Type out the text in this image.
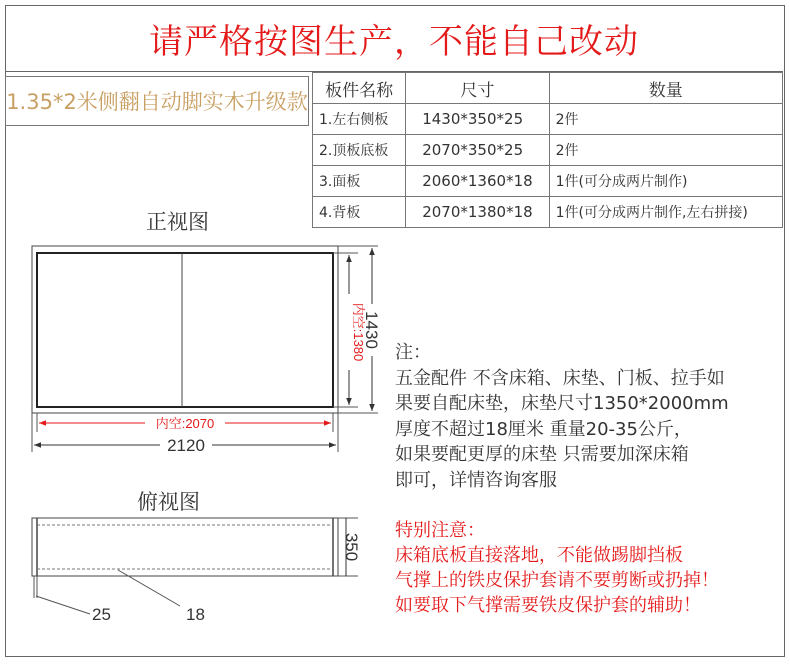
请严格按图生产，不能自己改动
1.35*2米侧翻自动脚实木升级款 板件名称	尺寸	数量
1.左右侧板	1430*350*25	2件
2.顶板底板	2070*350*25	2件
3.面板	2060*1360*18	1件(可分成两片制作)
4.背板	2070*1380*18	1件(可分成两片制作,左右拼接)
正视图
俯视图
内空:2070
2120
内空:1380
1430
350
25	18
注：
五金配件 不含床箱、床垫、门板、拉手如
果要自配床垫，床垫尺寸1350*2000mm
厚度不超过18厘米 重量20-35公斤，
如果要配更厚的床垫 只需要加深床箱
即可，详情咨询客服
特别注意：
床箱底板直接落地，不能做踢脚挡板
气撑上的铁皮保护套请不要剪断或扔掉！
如要取下气撑需要铁皮保护套的辅助！
